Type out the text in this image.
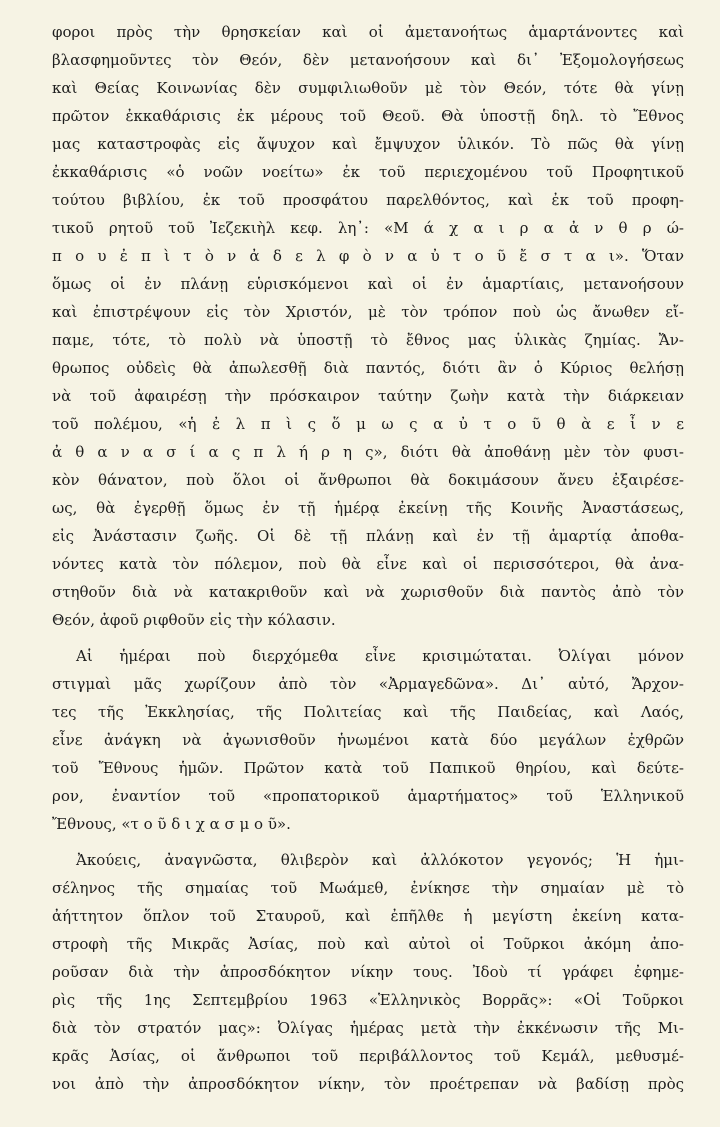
φοροι πρὸς τὴν θρησκείαν καὶ οἱ ἀμετανοήτως ἁμαρτάνοντες καὶ
βλασφημοῦντες τὸν Θεόν, δὲν μετανοήσουν καὶ δι᾽ Ἐξομολογήσεως
καὶ Θείας Κοινωνίας δὲν συμφιλιωθοῦν μὲ τὸν Θεόν, τότε θὰ γίνῃ
πρῶτον ἐκκαθάρισις ἐκ μέρους τοῦ Θεοῦ. Θὰ ὑποστῇ δηλ. τὸ Ἔθνος
μας καταστροφὰς εἰς ἄψυχον καὶ ἔμψυχον ὑλικόν. Τὸ πῶς θὰ γίνῃ
ἐκκαθάρισις «ὁ νοῶν νοείτω» ἐκ τοῦ περιεχομένου τοῦ Προφητικοῦ
τούτου βιβλίου, ἐκ τοῦ προσφάτου παρελθόντος, καὶ ἐκ τοῦ προφη-
τικοῦ ρητοῦ τοῦ Ἰεζεκιὴλ κεφ. λη᾽: «Μ ά χ α ι ρ α ἀ ν θ ρ ώ-
π ο υ ἐ π ὶ τ ὸ ν ἀ δ ε λ φ ὸ ν α ὐ τ ο ῦ ἔ σ τ α ι». Ὅταν
ὅμως οἱ ἐν πλάνῃ εὑρισκόμενοι καὶ οἱ ἐν ἁμαρτίαις, μετανοήσουν
καὶ ἐπιστρέψουν εἰς τὸν Χριστόν, μὲ τὸν τρόπον ποὺ ὡς ἄνωθεν εἴ-
παμε, τότε, τὸ πολὺ νὰ ὑποστῇ τὸ ἔθνος μας ὑλικὰς ζημίας. Ἄν-
θρωπος οὐδεὶς θὰ ἀπωλεσθῇ διὰ παντός, διότι ἂν ὁ Κύριος θελήσῃ
νὰ τοῦ ἀφαιρέσῃ τὴν πρόσκαιρον ταύτην ζωὴν κατὰ τὴν διάρκειαν
τοῦ πολέμου, «ἡ ἐ λ π ὶ ς ὅ μ ω ς α ὐ τ ο ῦ θ ὰ ε ἶ ν ε
ἀ θ α ν α σ ί α ς π λ ή ρ η ς», διότι θὰ ἀποθάνῃ μὲν τὸν φυσι-
κὸν θάνατον, ποὺ ὅλοι οἱ ἄνθρωποι θὰ δοκιμάσουν ἄνευ ἐξαιρέσε-
ως, θὰ ἐγερθῇ ὅμως ἐν τῇ ἡμέρᾳ ἐκείνῃ τῆς Κοινῆς Ἀναστάσεως,
εἰς Ἀνάστασιν ζωῆς. Οἱ δὲ τῇ πλάνῃ καὶ ἐν τῇ ἁμαρτίᾳ ἀποθα-
νόντες κατὰ τὸν πόλεμον, ποὺ θὰ εἶνε καὶ οἱ περισσότεροι, θὰ ἀνα-
στηθοῦν διὰ νὰ κατακριθοῦν καὶ νὰ χωρισθοῦν διὰ παντὸς ἀπὸ τὸν
Θεόν, ἀφοῦ ριφθοῦν εἰς τὴν κόλασιν.
Αἱ ἡμέραι ποὺ διερχόμεθα εἶνε κρισιμώταται. Ὀλίγαι μόνον
στιγμαὶ μᾶς χωρίζουν ἀπὸ τὸν «Ἀρμαγεδῶνα». Δι᾽ αὐτό, Ἄρχον-
τες τῆς Ἐκκλησίας, τῆς Πολιτείας καὶ τῆς Παιδείας, καὶ Λαός,
εἶνε ἀνάγκη νὰ ἀγωνισθοῦν ἡνωμένοι κατὰ δύο μεγάλων ἐχθρῶν
τοῦ Ἔθνους ἡμῶν. Πρῶτον κατὰ τοῦ Παπικοῦ θηρίου, καὶ δεύτε-
ρον, ἐναντίον τοῦ «προπατορικοῦ ἁμαρτήματος» τοῦ Ἑλληνικοῦ
Ἔθνους, «τ ο ῦ δ ι χ α σ μ ο ῦ».
Ἀκούεις, ἀναγνῶστα, θλιβερὸν καὶ ἀλλόκοτον γεγονός; Ἡ ἡμι-
σέληνος τῆς σημαίας τοῦ Μωάμεθ, ἐνίκησε τὴν σημαίαν μὲ τὸ
ἀήττητον ὅπλον τοῦ Σταυροῦ, καὶ ἐπῆλθε ἡ μεγίστη ἐκείνη κατα-
στροφὴ τῆς Μικρᾶς Ἀσίας, ποὺ καὶ αὐτοὶ οἱ Τοῦρκοι ἀκόμη ἀπο-
ροῦσαν διὰ τὴν ἀπροσδόκητον νίκην τους. Ἰδοὺ τί γράφει ἐφημε-
ρὶς τῆς 1ης Σεπτεμβρίου 1963 «Ἑλληνικὸς Βορρᾶς»: «Οἱ Τοῦρκοι
διὰ τὸν στρατόν μας»: Ὀλίγας ἡμέρας μετὰ τὴν ἐκκένωσιν τῆς Μι-
κρᾶς Ἀσίας, οἱ ἄνθρωποι τοῦ περιβάλλοντος τοῦ Κεμάλ, μεθυσμέ-
νοι ἀπὸ τὴν ἀπροσδόκητον νίκην, τὸν προέτρεπαν νὰ βαδίσῃ πρὸς
